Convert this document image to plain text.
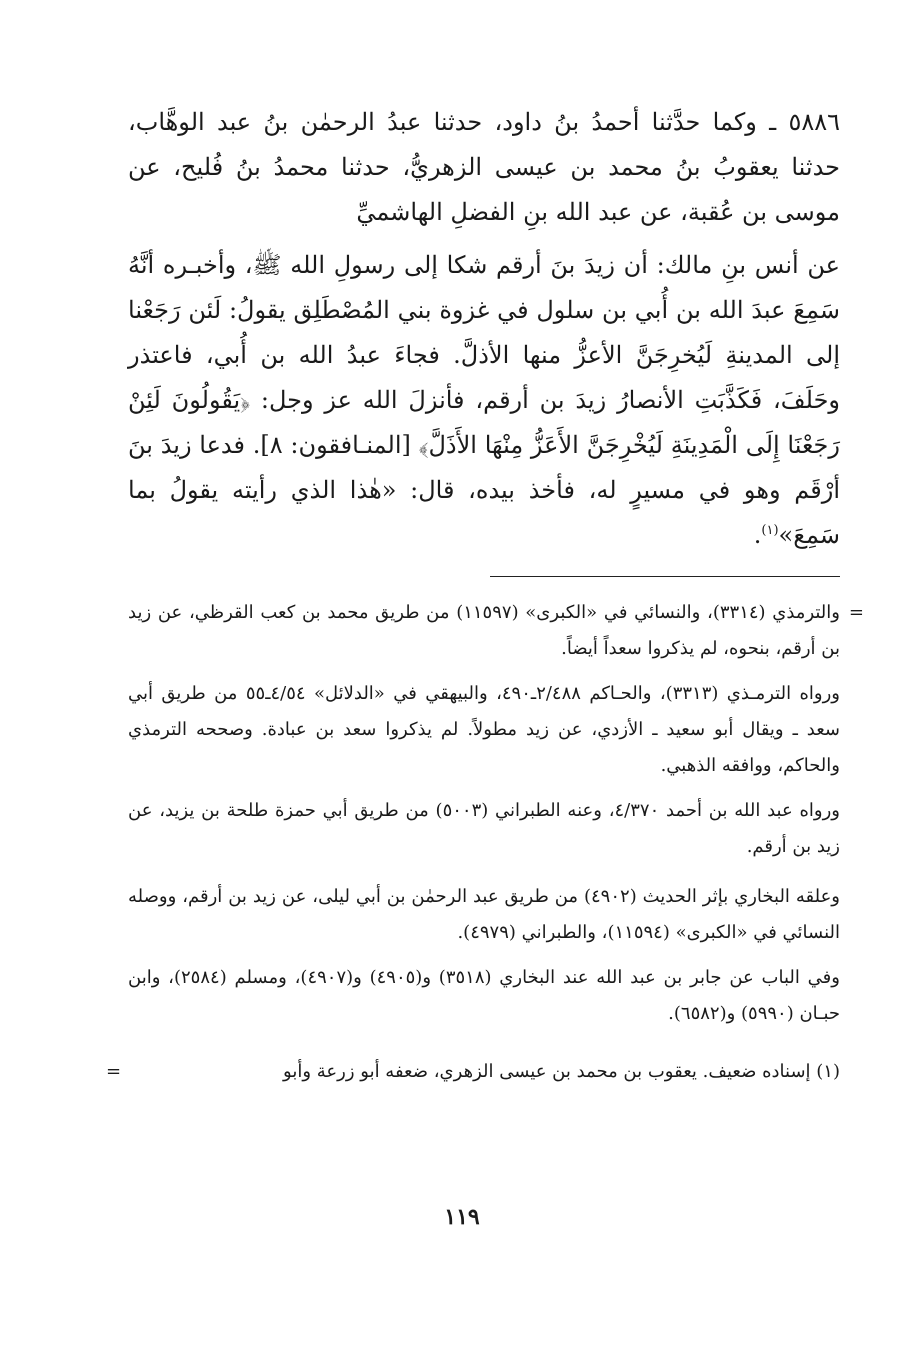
٥٨٨٦ ـ وكما حدَّثنا أحمدُ بنُ داود، حدثنا عبدُ الرحمٰن بنُ عبد الوهَّاب، حدثنا يعقوبُ بنُ محمد بن عيسى الزهريُّ، حدثنا محمدُ بنُ فُليح، عن موسى بن عُقبة، عن عبد الله بنِ الفضلِ الهاشميِّ

عن أنس بنِ مالك: أن زيدَ بنَ أرقم شكا إلى رسولِ الله ﷺ، وأخبـره أنَّهُ سَمِعَ عبدَ الله بن أُبي بن سلول في غزوة بني المُصْطَلِق يقولُ: لَئن رَجَعْنا إلى المدينةِ لَيُخرِجَنَّ الأعزُّ منها الأذلَّ. فجاءَ عبدُ الله بن أُبي، فاعتذر وحَلَفَ، فَكَذَّبَتِ الأنصارُ زيدَ بن أرقم، فأنزلَ الله عز وجل: ﴿يَقُولُونَ لَئِنْ رَجَعْنَا إِلَى الْمَدِينَةِ لَيُخْرِجَنَّ الأَعَزُّ مِنْهَا الأَذَلَّ﴾ [المنـافقون: ٨]. فدعا زيدَ بنَ أرْقَم وهو في مسيرٍ له، فأخذ بيده، قال: «هٰذا الذي رأيته يقولُ بما سَمِعَ»$^{(١)}$.

=
والترمذي (٣٣١٤)، والنسائي في «الكبرى» (١١٥٩٧) من طريق محمد بن كعب القرظي، عن زيد بن أرقم، بنحوه، لم يذكروا سعداً أيضاً.

ورواه الترمـذي (٣٣١٣)، والحـاكم ٢/٤٨٨ـ٤٩٠، والبيهقي في «الدلائل» ٤/٥٤ـ٥٥ من طريق أبي سعد ـ ويقال أبو سعيد ـ الأزدي، عن زيد مطولاً. لم يذكروا سعد بن عبادة. وصححه الترمذي والحاكم، ووافقه الذهبي.

ورواه عبد الله بن أحمد ٤/٣٧٠، وعنه الطبراني (٥٠٠٣) من طريق أبي حمزة طلحة بن يزيد، عن زيد بن أرقم.

وعلقه البخاري بإثر الحديث (٤٩٠٢) من طريق عبد الرحمٰن بن أبي ليلى، عن زيد بن أرقم، ووصله النسائي في «الكبرى» (١١٥٩٤)، والطبراني (٤٩٧٩).

وفي الباب عن جابر بن عبد الله عند البخاري (٣٥١٨) و(٤٩٠٥) و(٤٩٠٧)، ومسلم (٢٥٨٤)، وابن حبـان (٥٩٩٠) و(٦٥٨٢).

(١) إسناده ضعيف. يعقوب بن محمد بن عيسى الزهري، ضعفه أبو زرعة وأبو
=
١١٩
